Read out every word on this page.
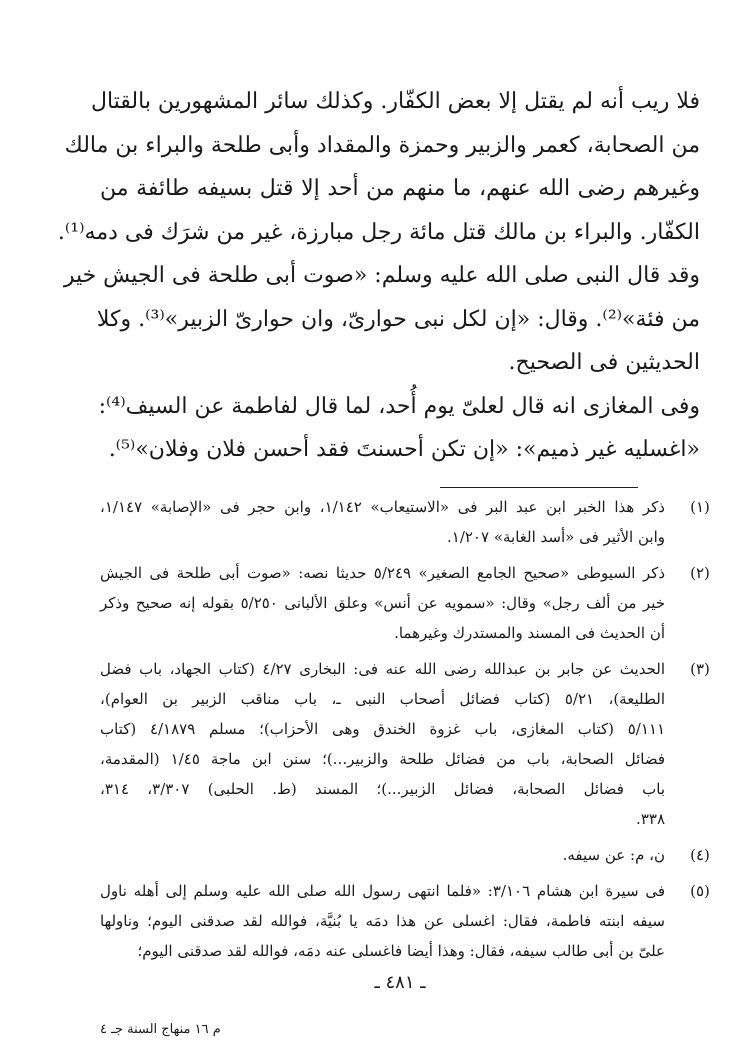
فلا ريب أنه لم يقتل إلا بعض الكفّار. وكذلك سائر المشهورين بالقتال
من الصحابة، كعمر والزبير وحمزة والمقداد وأبى طلحة والبراء بن مالك
وغيرهم رضى الله عنهم، ما منهم من أحد إلا قتل بسيفه طائفة من
الكفّار. والبراء بن مالك قتل مائة رجل مبارزة، غير من شرَك فى دمه⁽¹⁾.
وقد قال النبى صلى الله عليه وسلم: «صوت أبى طلحة فى الجيش خير
من فئة»⁽²⁾. وقال: «إن لكل نبى حوارىّ، وان حوارىّ الزبير»⁽³⁾. وكلا
الحديثين فى الصحيح.
وفى المغازى انه قال لعلىّ يوم أُحد، لما قال لفاطمة عن السيف⁽⁴⁾:
«اغسليه غير ذميم»: «إن تكن أحسنتَ فقد أحسن فلان وفلان»⁽⁵⁾.
(١)
ذكر هذا الخبر ابن عبد البر فى «الاستيعاب» ١/١٤٢، وابن حجر فى «الإصابة» ١/١٤٧،
وابن الأثير فى «أسد الغابة» ١/٢٠٧.
(٢)
ذكر السيوطى «صحيح الجامع الصغير» ٥/٢٤٩ حديثا نصه: «صوت أبى طلحة فى الجيش
خير من ألف رجل» وقال: «سمويه عن أنس» وعلق الألبانى ٥/٢٥٠ بقوله إنه صحيح وذكر
أن الحديث فى المسند والمستدرك وغيرهما.
(٣)
الحديث عن جابر بن عبدالله رضى الله عنه فى: البخارى ٤/٢٧ (كتاب الجهاد، باب فضل
الطليعة)، ٥/٢١ (كتاب فضائل أصحاب النبى ـ، باب مناقب الزبير بن العوام)،
٥/١١١ (كتاب المغازى، باب غزوة الخندق وهى الأحزاب)؛ مسلم ٤/١٨٧٩ (كتاب
فضائل الصحابة، باب من فضائل طلحة والزبير...)؛ سنن ابن ماجة ١/٤٥ (المقدمة،
باب فضائل الصحابة، فضائل الزبير...)؛ المسند (ط. الحلبى) ٣/٣٠٧، ٣١٤،
٣٣٨.
(٤)
ن، م: عن سيفه.
(٥)
فى سيرة ابن هشام ٣/١٠٦: «فلما انتهى رسول الله صلى الله عليه وسلم إلى أهله ناول
سيفه ابنته فاطمة، فقال: اغسلى عن هذا دمَه يا بُنيَّة، فوالله لقد صدقنى اليوم؛ وناولها
علىّ بن أبى طالب سيفه، فقال: وهذا أيضا فاغسلى عنه دمَه، فوالله لقد صدقنى اليوم؛
ـ ٤٨١ ـ
م ١٦ منهاج السنة جـ ٤
